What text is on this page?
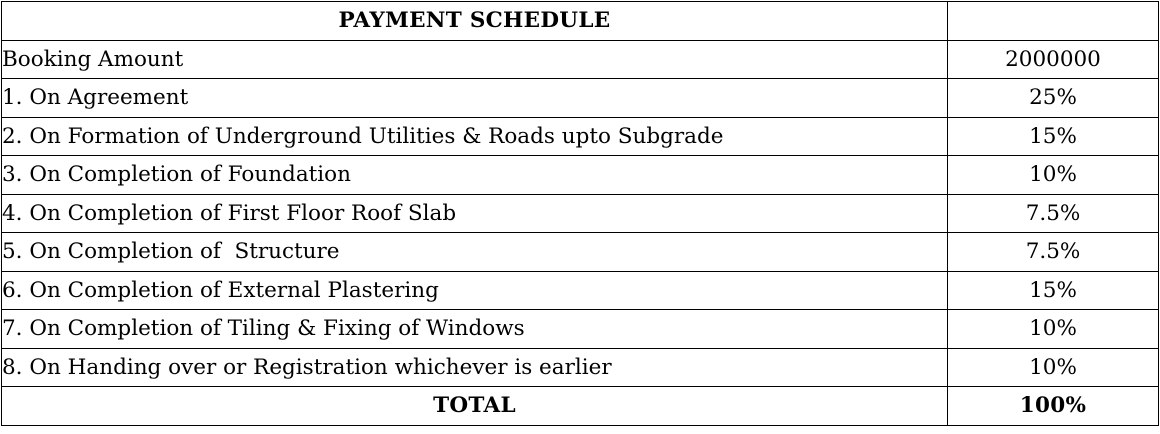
PAYMENT SCHEDULE	
Booking Amount	2000000
1. On Agreement	25%
2. On Formation of Underground Utilities & Roads upto Subgrade	15%
3. On Completion of Foundation	10%
4. On Completion of First Floor Roof Slab	7.5%
5. On Completion of  Structure	7.5%
6. On Completion of External Plastering	15%
7. On Completion of Tiling & Fixing of Windows	10%
8. On Handing over or Registration whichever is earlier	10%
TOTAL	100%
